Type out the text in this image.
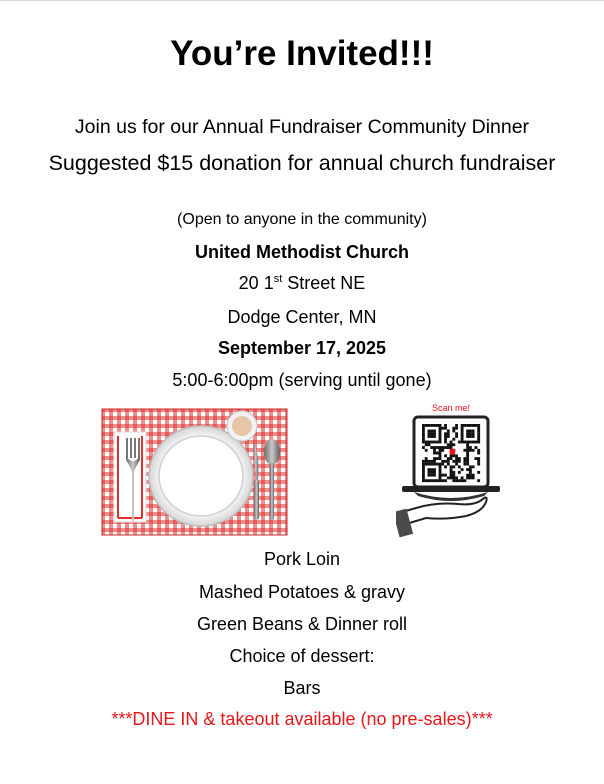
You’re Invited!!!
Join us for our Annual Fundraiser Community Dinner
Suggested $15 donation for annual church fundraiser
(Open to anyone in the community)
United Methodist Church
20 1st Street NE
Dodge Center, MN
September 17, 2025
5:00-6:00pm (serving until gone)
Scan me!
Pork Loin
Mashed Potatoes & gravy
Green Beans & Dinner roll
Choice of dessert:
Bars
***DINE IN & takeout available (no pre-sales)***
